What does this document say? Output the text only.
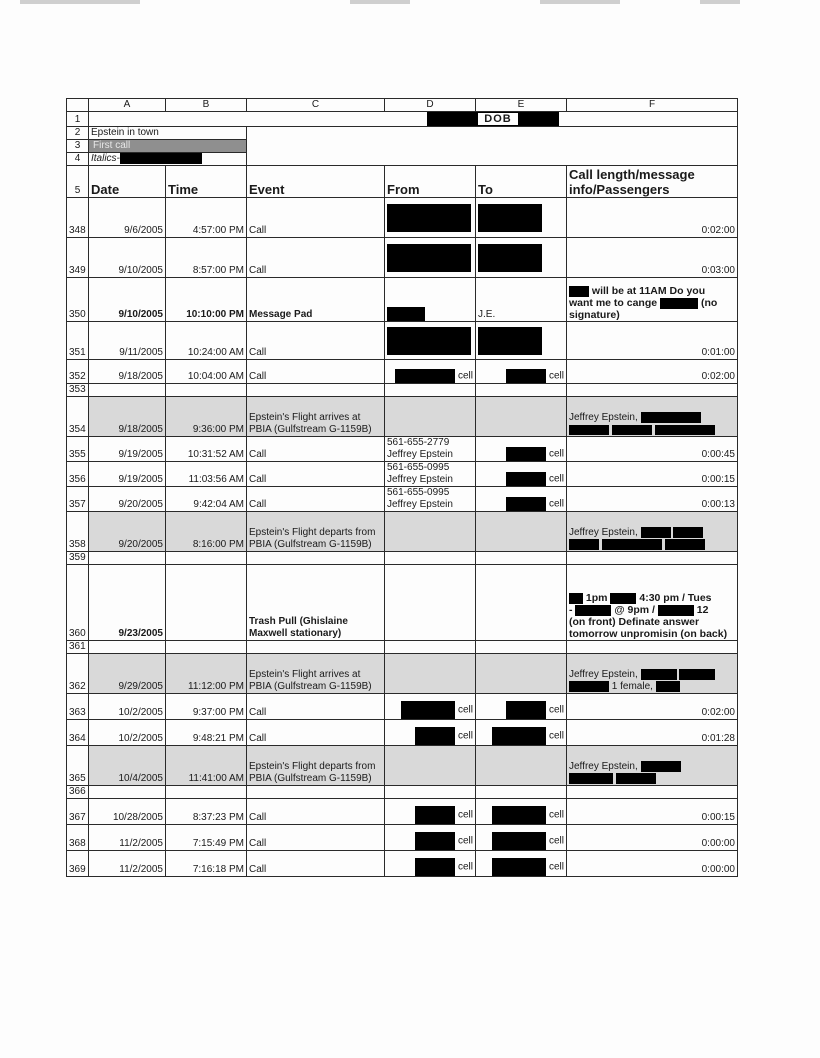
	A	B	C	D	E	F
1	DOB					
2	Epstein in town					
3	First call					
4	Italics-					
5	Date	Time	Event	From	To	Call length/message info/Passengers
348	9/6/2005	4:57:00 PM	Call			0:02:00
349	9/10/2005	8:57:00 PM	Call			0:03:00
350	9/10/2005	10:10:00 PM	Message Pad		J.E.	will be at 11AM Do you
want me to cange (no
signature)
351	9/11/2005	10:24:00 AM	Call			0:01:00
352	9/18/2005	10:04:00 AM	Call	cell	cell	0:02:00
353						
354	9/18/2005	9:36:00 PM	Epstein's Flight arrives at PBIA (Gulfstream G-1159B)			Jeffrey Epstein,

355	9/19/2005	10:31:52 AM	Call	561-655-2779
Jeffrey Epstein	cell	0:00:45
356	9/19/2005	11:03:56 AM	Call	561-655-0995
Jeffrey Epstein	cell	0:00:15
357	9/20/2005	9:42:04 AM	Call	561-655-0995
Jeffrey Epstein	cell	0:00:13
358	9/20/2005	8:16:00 PM	Epstein's Flight departs from PBIA (Gulfstream G-1159B)			Jeffrey Epstein,

359						
360	9/23/2005		Trash Pull (Ghislaine Maxwell stationary)			1pm 4:30 pm / Tues
- @ 9pm / 12
(on front) Definate answer
tomorrow unpromisin (on back)
361						
362	9/29/2005	11:12:00 PM	Epstein's Flight arrives at PBIA (Gulfstream G-1159B)			Jeffrey Epstein,
1 female,
363	10/2/2005	9:37:00 PM	Call	cell	cell	0:02:00
364	10/2/2005	9:48:21 PM	Call	cell	cell	0:01:28
365	10/4/2005	11:41:00 AM	Epstein's Flight departs from PBIA (Gulfstream G-1159B)			Jeffrey Epstein,

366						
367	10/28/2005	8:37:23 PM	Call	cell	cell	0:00:15
368	11/2/2005	7:15:49 PM	Call	cell	cell	0:00:00
369	11/2/2005	7:16:18 PM	Call	cell	cell	0:00:00
